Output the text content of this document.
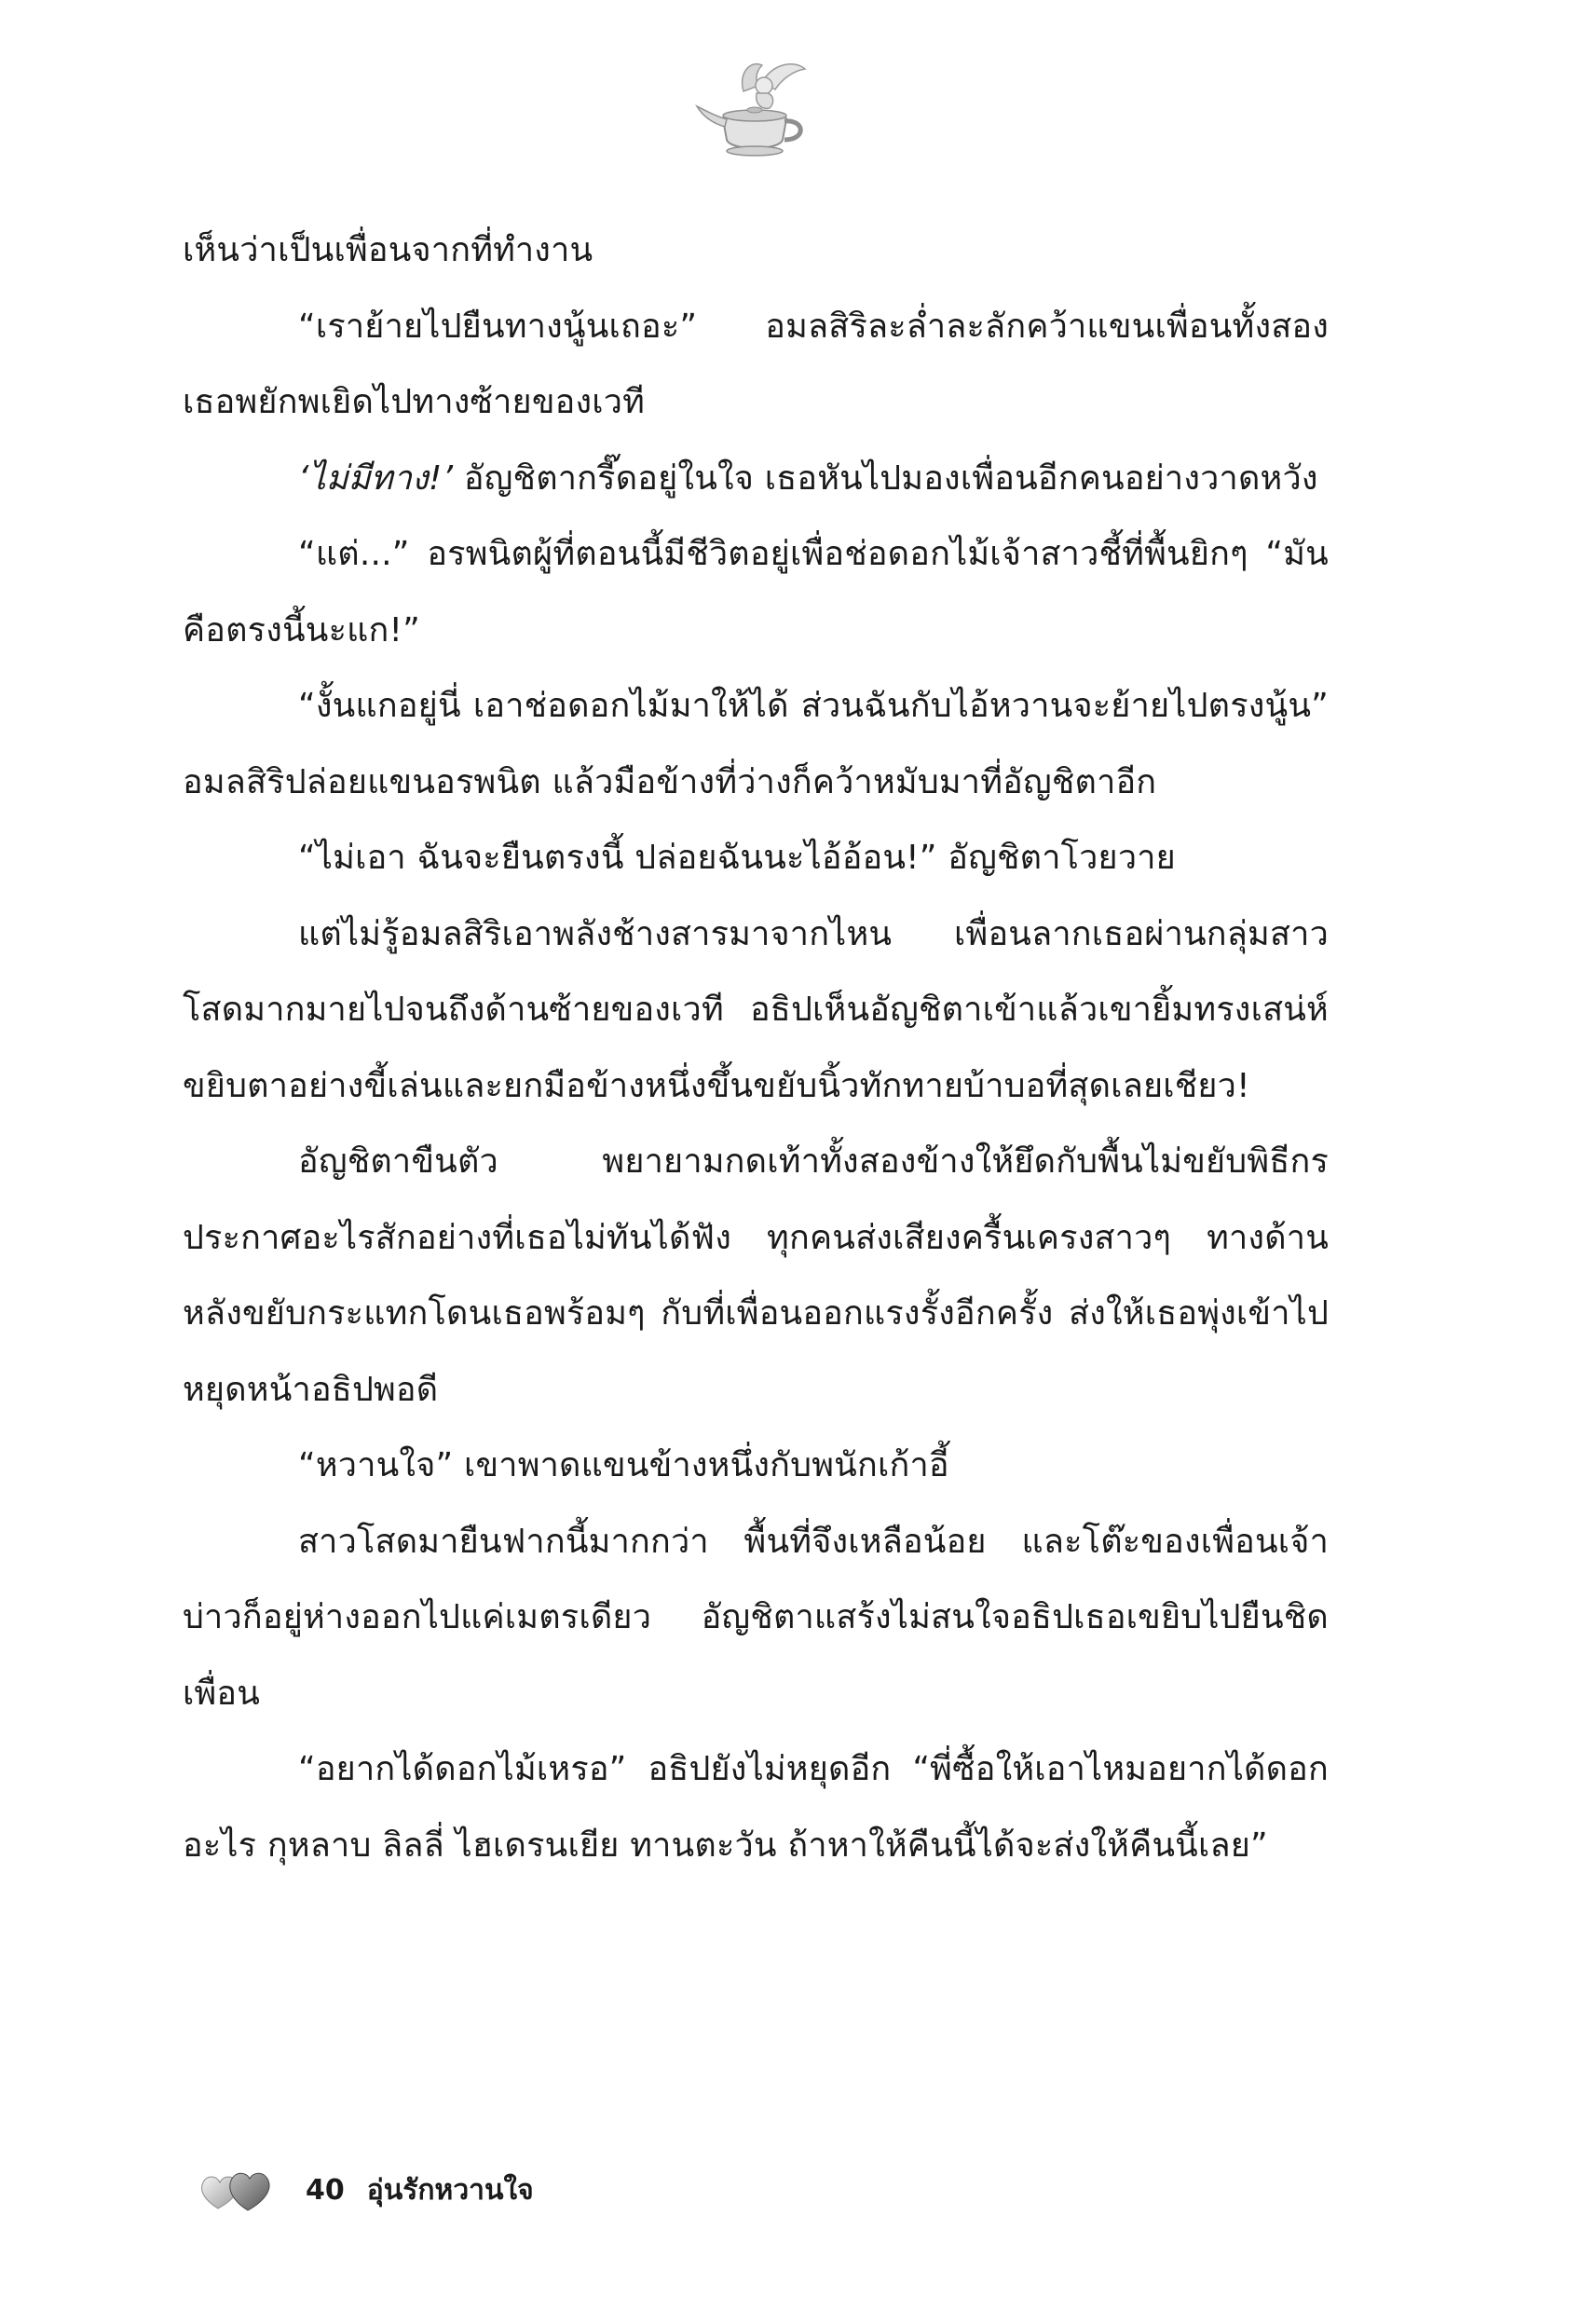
เห็นว่าเป็นเพื่อนจากที่ทำงาน

“เราย้ายไปยืนทางนู้นเถอะ” อมลสิริละล่ำละลักคว้าแขนเพื่อนทั้งสอง เธอพยักพเยิดไปทางซ้ายของเวที

‘ไม่มีทาง!’ อัญชิตากรี๊ดอยู่ในใจ เธอหันไปมองเพื่อนอีกคนอย่างวาดหวัง

“แต่...” อรพนิตผู้ที่ตอนนี้มีชีวิตอยู่เพื่อช่อดอกไม้เจ้าสาวชี้ที่พื้นยิกๆ “มันคือตรงนี้นะแก!”

“งั้นแกอยู่นี่ เอาช่อดอกไม้มาให้ได้ ส่วนฉันกับไอ้หวานจะย้ายไปตรงนู้น” อมลสิริปล่อยแขนอรพนิต แล้วมือข้างที่ว่างก็คว้าหมับมาที่อัญชิตาอีก

“ไม่เอา ฉันจะยืนตรงนี้ ปล่อยฉันนะไอ้อ้อน!” อัญชิตาโวยวาย

แต่ไม่รู้อมลสิริเอาพลังช้างสารมาจากไหน เพื่อนลากเธอผ่านกลุ่มสาวโสดมากมายไปจนถึงด้านซ้ายของเวที อธิปเห็นอัญชิตาเข้าแล้วเขายิ้มทรงเสน่ห์ ขยิบตาอย่างขี้เล่นและยกมือข้างหนึ่งขึ้นขยับนิ้วทักทายบ้าบอที่สุดเลยเชียว!

อัญชิตาขืนตัว พยายามกดเท้าทั้งสองข้างให้ยึดกับพื้นไม่ขยับพิธีกรประกาศอะไรสักอย่างที่เธอไม่ทันได้ฟัง ทุกคนส่งเสียงครื้นเครงสาวๆ ทางด้านหลังขยับกระแทกโดนเธอพร้อมๆ กับที่เพื่อนออกแรงรั้งอีกครั้ง ส่งให้เธอพุ่งเข้าไปหยุดหน้าอธิปพอดี

“หวานใจ” เขาพาดแขนข้างหนึ่งกับพนักเก้าอี้

สาวโสดมายืนฟากนี้มากกว่า พื้นที่จึงเหลือน้อย และโต๊ะของเพื่อนเจ้าบ่าวก็อยู่ห่างออกไปแค่เมตรเดียว อัญชิตาแสร้งไม่สนใจอธิปเธอเขยิบไปยืนชิดเพื่อน

“อยากได้ดอกไม้เหรอ” อธิปยังไม่หยุดอีก “พี่ซื้อให้เอาไหมอยากได้ดอกอะไร กุหลาบ ลิลลี่ ไฮเดรนเยีย ทานตะวัน ถ้าหาให้คืนนี้ได้จะส่งให้คืนนี้เลย”

40 อุ่นรักหวานใจ
